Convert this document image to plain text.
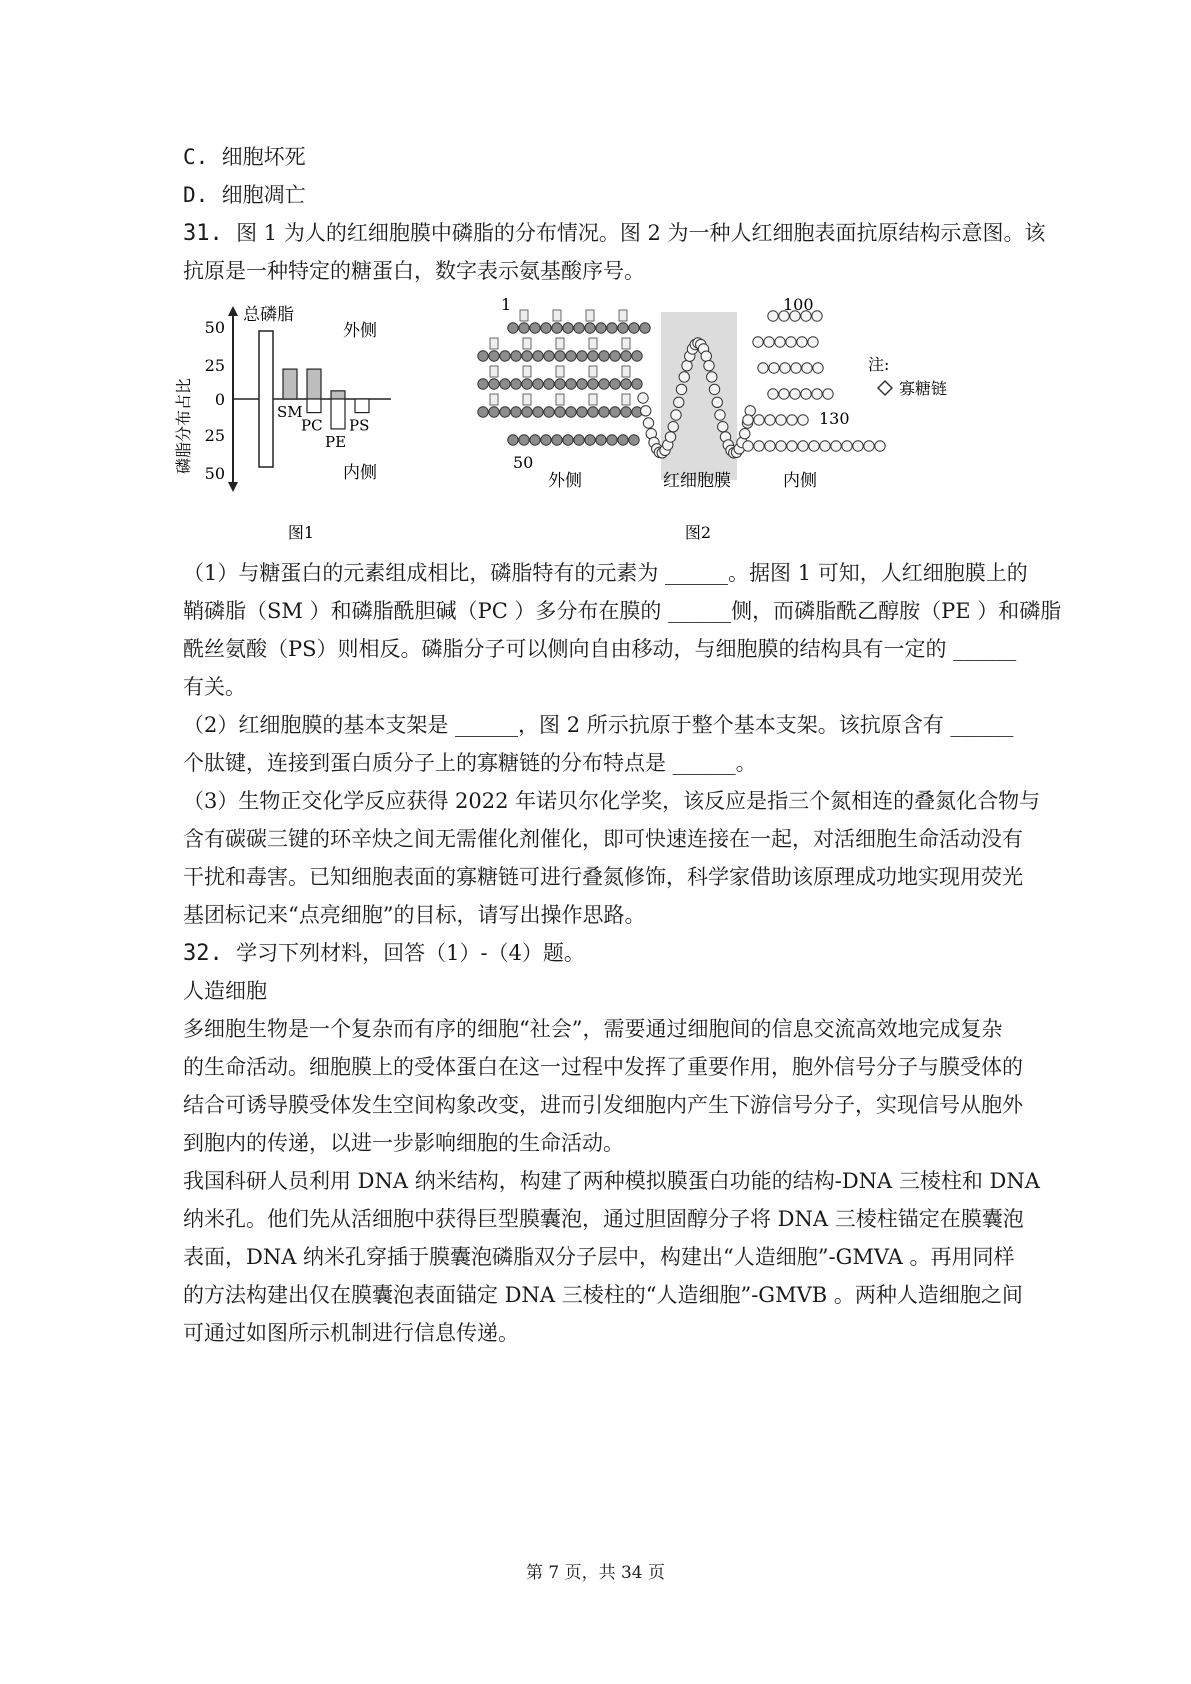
C. 细胞坏死
D. 细胞凋亡
31. 图 1 为人的红细胞膜中磷脂的分布情况。图 2 为一种人红细胞表面抗原结构示意图。该
抗原是一种特定的糖蛋白，数字表示氨基酸序号。
磷脂分布占比
50
25
0
25
50
总磷脂
外侧
内侧
SM
PC
PE
PS
图1
1
50
100
130
外侧	红细胞膜	内侧
注:
寡糖链
图2
（1）与糖蛋白的元素组成相比，磷脂特有的元素为 ______。据图 1 可知，人红细胞膜上的
鞘磷脂（SM ）和磷脂酰胆碱（PC ）多分布在膜的 ______侧，而磷脂酰乙醇胺（PE ）和磷脂
酰丝氨酸（PS）则相反。磷脂分子可以侧向自由移动，与细胞膜的结构具有一定的 ______
有关。
（2）红细胞膜的基本支架是 ______，图 2 所示抗原于整个基本支架。该抗原含有 ______
个肽键，连接到蛋白质分子上的寡糖链的分布特点是 ______。
（3）生物正交化学反应获得 2022 年诺贝尔化学奖，该反应是指三个氮相连的叠氮化合物与
含有碳碳三键的环辛炔之间无需催化剂催化，即可快速连接在一起，对活细胞生命活动没有
干扰和毒害。已知细胞表面的寡糖链可进行叠氮修饰，科学家借助该原理成功地实现用荧光
基团标记来“点亮细胞”的目标，请写出操作思路。
32. 学习下列材料，回答（1）-（4）题。
人造细胞
多细胞生物是一个复杂而有序的细胞“社会”，需要通过细胞间的信息交流高效地完成复杂
的生命活动。细胞膜上的受体蛋白在这一过程中发挥了重要作用，胞外信号分子与膜受体的
结合可诱导膜受体发生空间构象改变，进而引发细胞内产生下游信号分子，实现信号从胞外
到胞内的传递，以进一步影响细胞的生命活动。
我国科研人员利用 DNA 纳米结构，构建了两种模拟膜蛋白功能的结构-DNA 三棱柱和 DNA
纳米孔。他们先从活细胞中获得巨型膜囊泡，通过胆固醇分子将 DNA 三棱柱锚定在膜囊泡
表面，DNA 纳米孔穿插于膜囊泡磷脂双分子层中，构建出“人造细胞”-GMVA 。再用同样
的方法构建出仅在膜囊泡表面锚定 DNA 三棱柱的“人造细胞”-GMVB 。两种人造细胞之间
可通过如图所示机制进行信息传递。
第 7 页，共 34 页
